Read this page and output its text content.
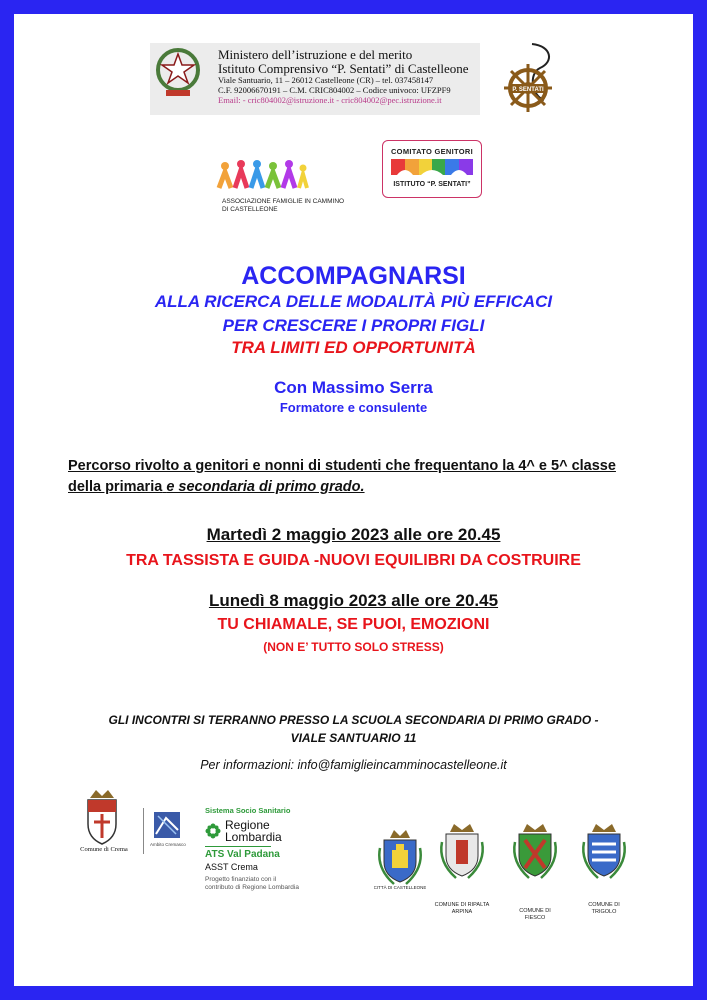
Ministero dell’istruzione e del merito
Istituto Comprensivo “P. Sentati” di Castelleone
Viale Santuario, 11 – 26012 Castelleone (CR) – tel. 037458147
C.F. 92006670191 – C.M. CRIC804002 – Codice univoco: UFZPF9
Email: - cric804002@istruzione.it - cric804002@pec.istruzione.it
P. SENTATI
ASSOCIAZIONE FAMIGLIE IN CAMMINO DI CASTELLEONE
COMITATO GENITORI
ISTITUTO “P. SENTATI”
ACCOMPAGNARSI
ALLA RICERCA DELLE MODALITÀ PIÙ EFFICACI
PER CRESCERE I PROPRI FIGLI
TRA LIMITI ED OPPORTUNITÀ
Con Massimo Serra
Formatore e consulente
Percorso rivolto a genitori e nonni di studenti che frequentano la 4^ e 5^ classe della primaria e secondaria di primo grado.
Martedì 2 maggio 2023 alle ore 20.45
TRA TASSISTA E GUIDA -NUOVI EQUILIBRI DA COSTRUIRE
Lunedì 8 maggio 2023 alle ore 20.45
TU CHIAMALE, SE PUOI, EMOZIONI
(NON E’ TUTTO SOLO STRESS)
GLI INCONTRI SI TERRANNO PRESSO LA SCUOLA SECONDARIA DI PRIMO GRADO - VIALE SANTUARIO 11
Per informazioni: info@famiglieincamminocastelleone.it
Comune di Crema
Ambito Cremasco
Sistema Socio Sanitario
Regione
Lombardia
ATS Val Padana
ASST Crema
Progetto finanziato con il contributo di Regione Lombardia	CITTÀ DI CASTELLEONE
COMUNE DI RIPALTA ARPINA	COMUNE DI FIESCO
COMUNE DI TRIGOLO
